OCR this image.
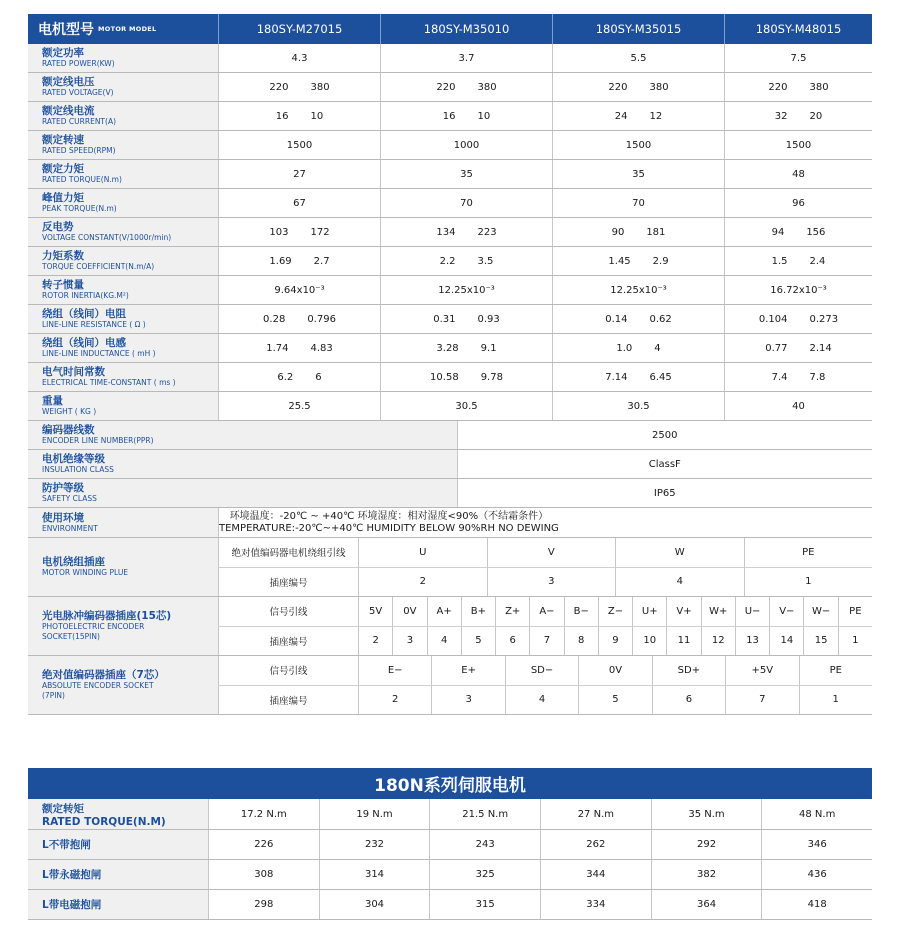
电机型号 MOTOR MODEL	180SY-M27015	180SY-M35010	180SY-M35015	180SY-M48015
额定功率
RATED POWER(KW)	4.3	3.7	5.5	7.5
额定线电压
RATED VOLTAGE(V)	220 380	220 380	220 380	220 380
额定线电流
RATED CURRENT(A)	16 10	16 10	24 12	32 20
额定转速
RATED SPEED(RPM)	1500	1000	1500	1500
额定力矩
RATED TORQUE(N.m)	27	35	35	48
峰值力矩
PEAK TORQUE(N.m)	67	70	70	96
反电势
VOLTAGE CONSTANT(V/1000r/min)	103 172	134 223	90 181	94 156
力矩系数
TORQUE COEFFICIENT(N.m/A)	1.69 2.7	2.2 3.5	1.45 2.9	1.5 2.4
转子惯量
ROTOR INERTIA(KG.M²)	9.64x10⁻³	12.25x10⁻³	12.25x10⁻³	16.72x10⁻³
绕组（线间）电阻
LINE-LINE RESISTANCE ( Ω )	0.28 0.796	0.31 0.93	0.14 0.62	0.104 0.273
绕组（线间）电感
LINE-LINE INDUCTANCE ( mH )	1.74 4.83	3.28 9.1	1.0 4	0.77 2.14
电气时间常数
ELECTRICAL TIME-CONSTANT ( ms )	6.2 6	10.58 9.78	7.14 6.45	7.4 7.8
重量
WEIGHT ( KG )	25.5	30.5	30.5	40
编码器线数
ENCODER LINE NUMBER(PPR)	2500
电机绝缘等级
INSULATION CLASS	ClassF
防护等级
SAFETY CLASS	IP65
使用环境
ENVIRONMENT
环境温度：-20℃ ~ +40℃ 环境湿度：相对湿度<90%（不结霜条件）
TEMPERATURE:-20℃~+40℃ HUMIDITY BELOW 90%RH NO DEWING
电机绕组插座
MOTOR WINDING PLUE
绝对值编码器电机绕组引线	U	V	W	PE
插座编号	2	3	4	1
光电脉冲编码器插座(15芯)
PHOTOELECTRIC ENCODER
SOCKET(15PIN)
信号引线	5V	0V	A+	B+	Z+	A−	B−	Z−	U+	V+	W+	U−	V−	W−	PE
插座编号	2	3	4	5	6	7	8	9	10	11	12	13	14	15	1
绝对值编码器插座（7芯）
ABSOLUTE ENCODER SOCKET
(7PIN)
信号引线	E−	E+	SD−	0V	SD+	+5V	PE
插座编号	2	3	4	5	6	7	1
180N系列伺服电机
额定转矩
RATED TORQUE(N.M)
17.2 N.m	19 N.m	21.5 N.m	27 N.m	35 N.m	48 N.m
L不带抱闸	226	232	243	262	292	346
L带永磁抱闸	308	314	325	344	382	436
L带电磁抱闸	298	304	315	334	364	418
